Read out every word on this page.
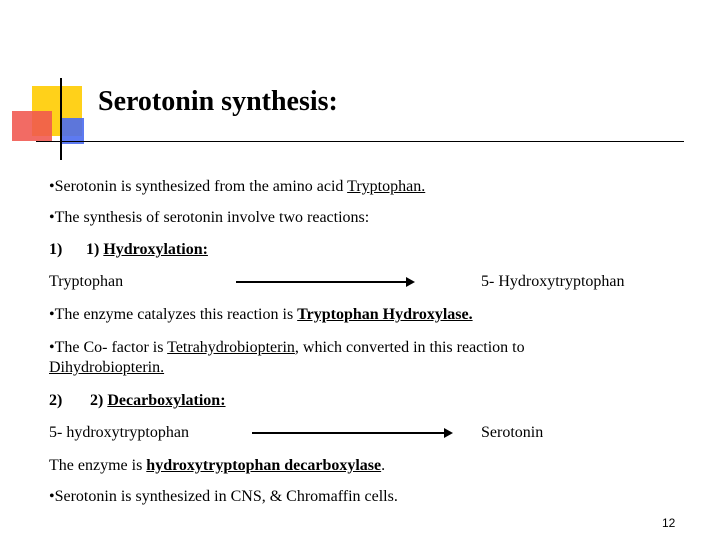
Serotonin synthesis:
•Serotonin is synthesized from the amino acid Tryptophan.
•The synthesis of serotonin involve two reactions:
1) 1) Hydroxylation:
Tryptophan	5- Hydroxytryptophan
•The enzyme catalyzes this reaction is Tryptophan Hydroxylase.
•The Co- factor is Tetrahydrobiopterin, which converted in this reaction to
Dihydrobiopterin.
2) 2) Decarboxylation:
5- hydroxytryptophan	Serotonin
The enzyme is hydroxytryptophan decarboxylase.
•Serotonin is synthesized in CNS, & Chromaffin cells.
12
